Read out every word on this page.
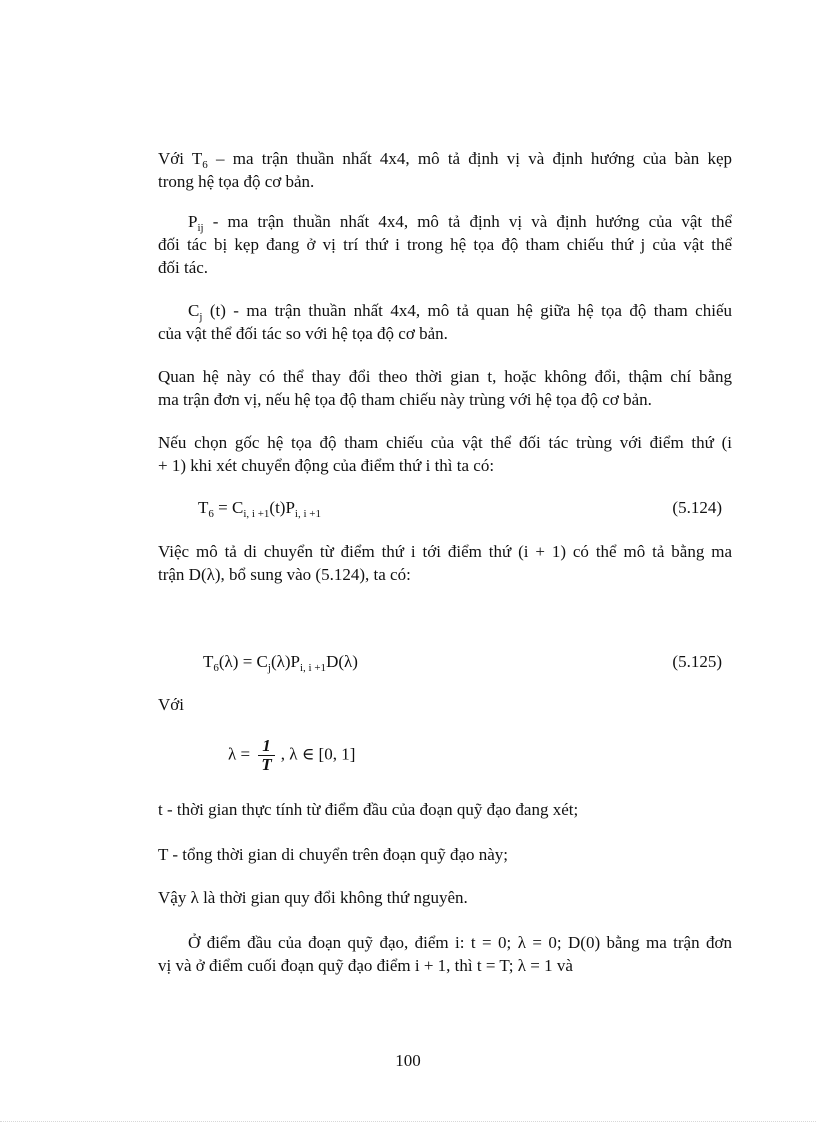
Với $T_6$ – ma trận thuần nhất 4x4, mô tả định vị và định hướng của bàn kẹp
trong hệ tọa độ cơ bản.

$P_{ij}$ - ma trận thuần nhất 4x4, mô tả định vị và định hướng của vật thể
đối tác bị kẹp đang ở vị trí thứ i trong hệ tọa độ tham chiếu thứ j của vật thể
đối tác.

$C_j$ (t) - ma trận thuần nhất 4x4, mô tả quan hệ giữa hệ tọa độ tham chiếu
của vật thể đối tác so với hệ tọa độ cơ bản.

Quan hệ này có thể thay đổi theo thời gian t, hoặc không đổi, thậm chí bằng
ma trận đơn vị, nếu hệ tọa độ tham chiếu này trùng với hệ tọa độ cơ bản.

Nếu chọn gốc hệ tọa độ tham chiếu của vật thể đối tác trùng với điểm thứ (i
+ 1) khi xét chuyển động của điểm thứ i thì ta có:

$T_6 = C_{i, i +1}(t)P_{i, i +1}$	(5.124)

Việc mô tả di chuyển từ điểm thứ i tới điểm thứ (i + 1) có thể mô tả bằng ma
trận D(λ), bổ sung vào (5.124), ta có:

$T_6(\lambda) = C_j(\lambda)P_{i, i +1}D(\lambda)$	(5.125)

Với

$\lambda = \frac{1}{T}$ , λ ∈ [0, 1]

t - thời gian thực tính từ điểm đầu của đoạn quỹ đạo đang xét;

T - tổng thời gian di chuyển trên đoạn quỹ đạo này;

Vậy λ là thời gian quy đổi không thứ nguyên.

Ở điểm đầu của đoạn quỹ đạo, điểm i: t = 0; λ = 0; D(0) bằng ma trận đơn
vị và ở điểm cuối đoạn quỹ đạo điểm i + 1, thì t = T; λ = 1 và

100
